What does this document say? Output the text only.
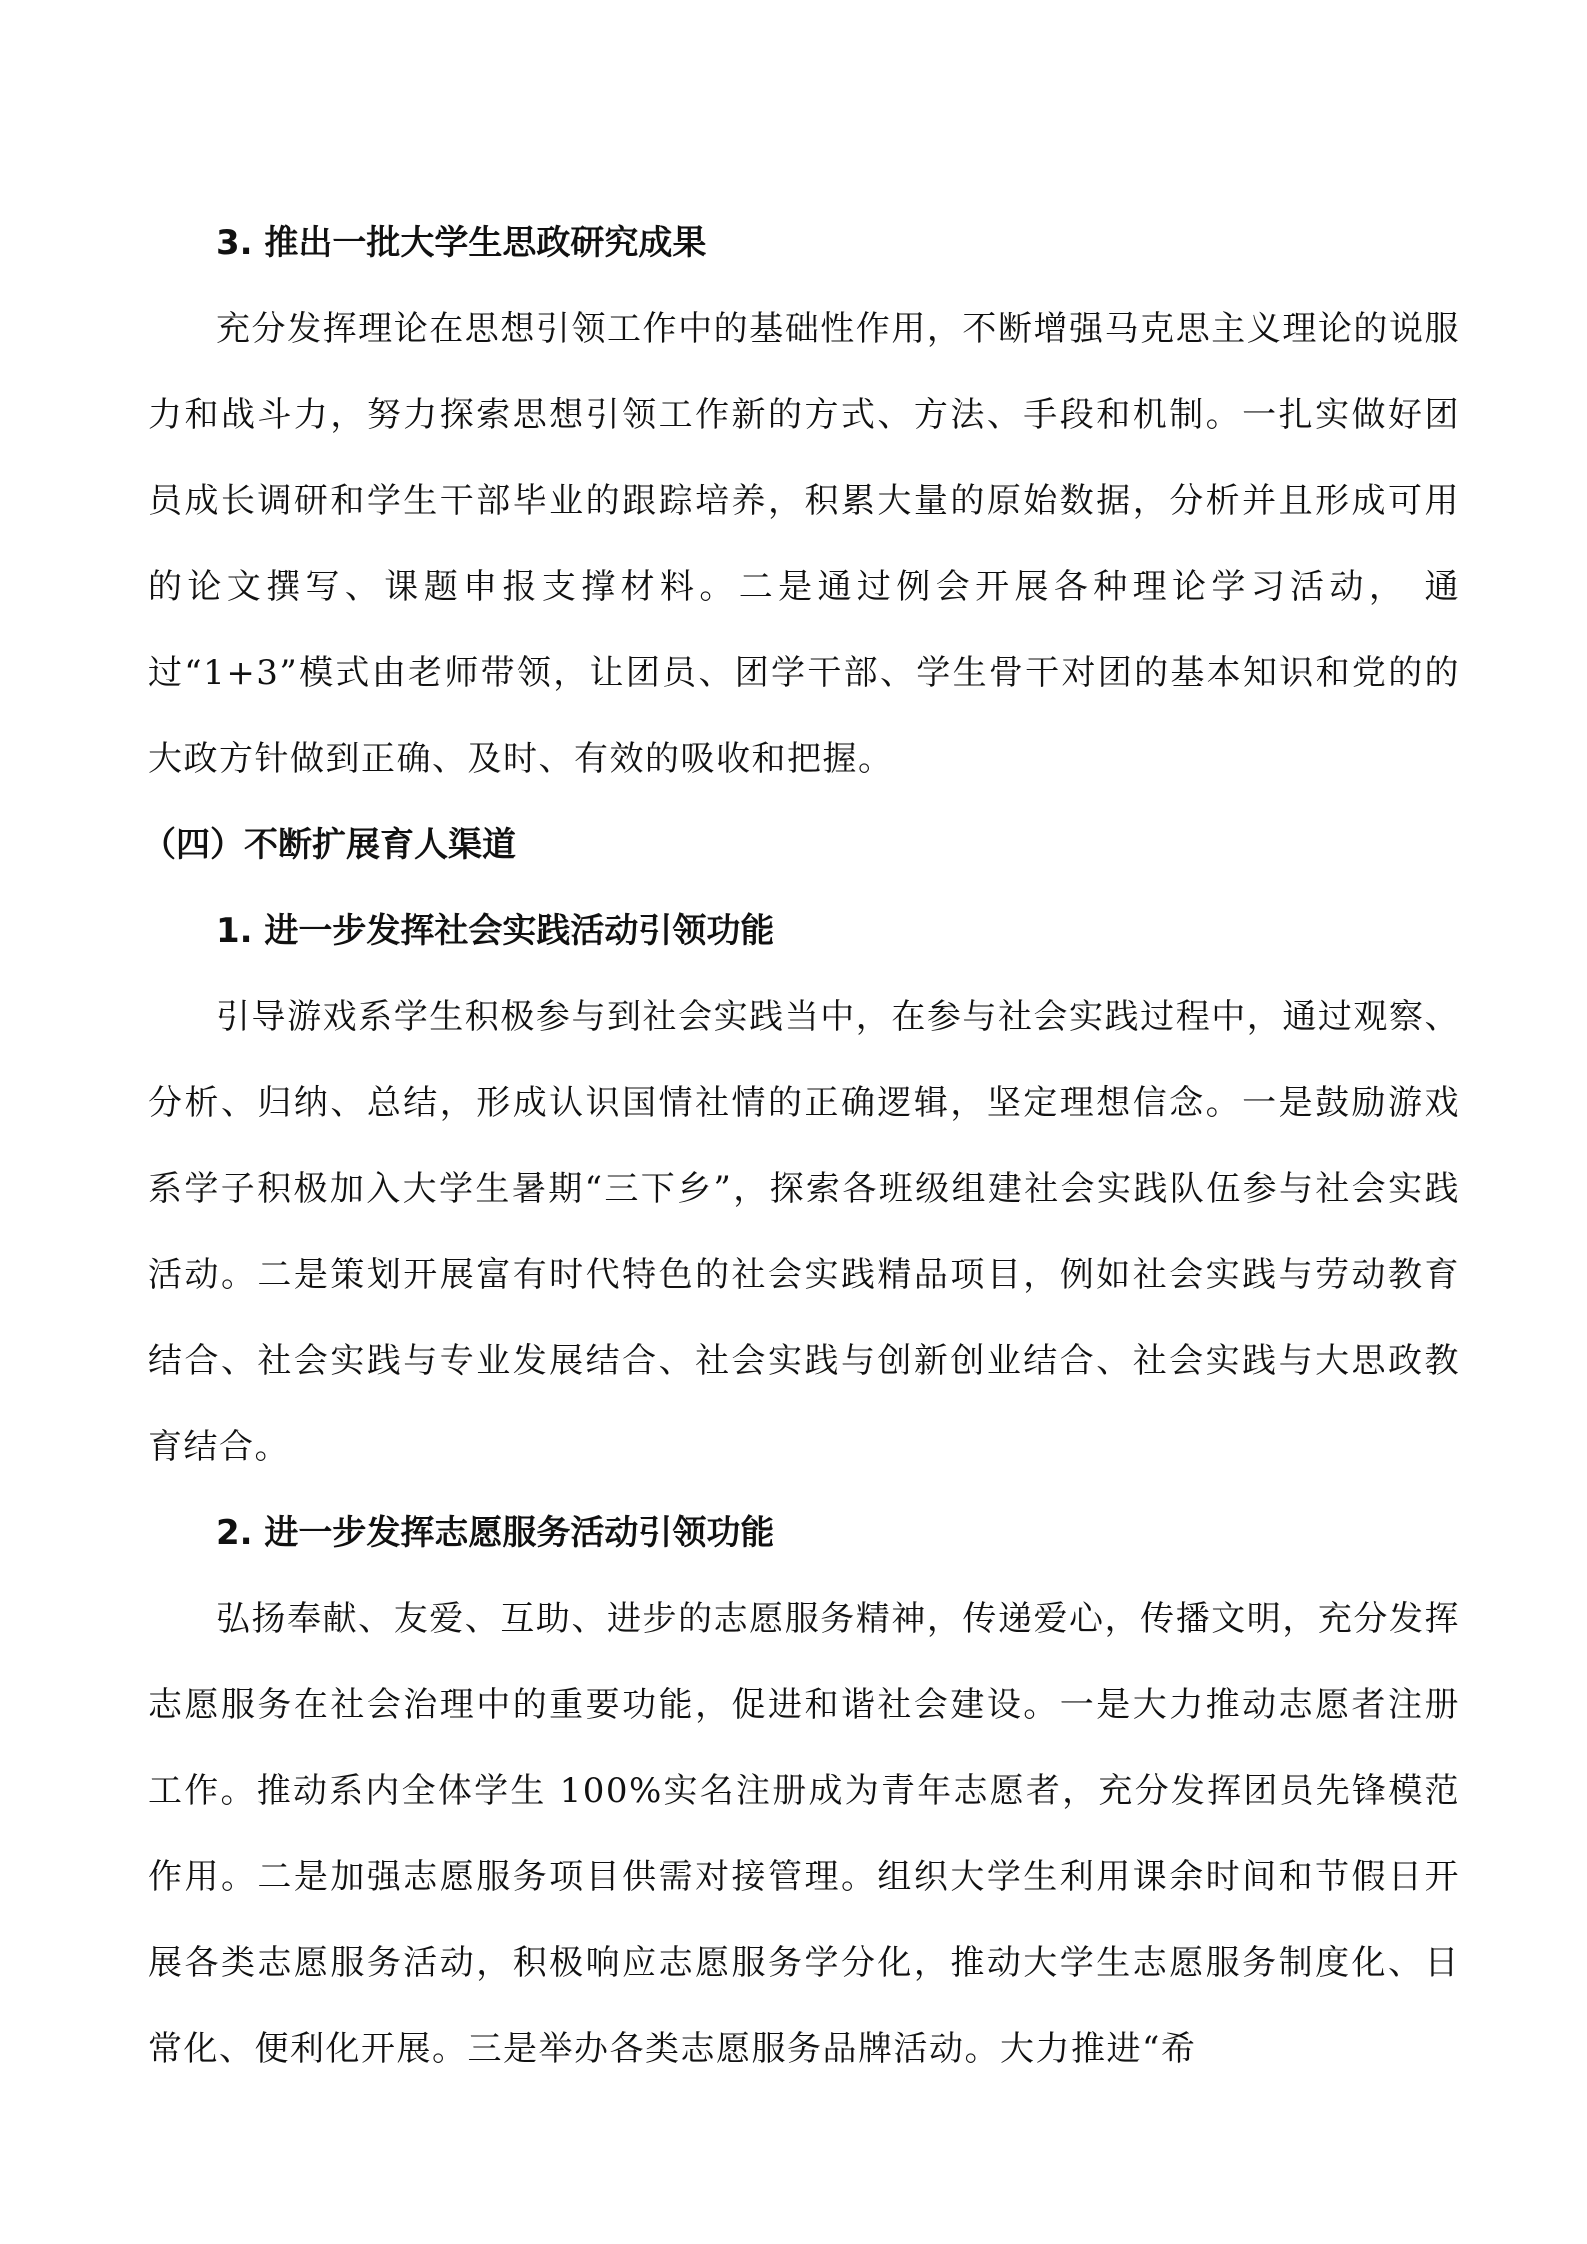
3. 推出一批大学生思政研究成果

充分发挥理论在思想引领工作中的基础性作用，不断增强马克思主义理论的说服力和战斗力，努力探索思想引领工作新的方式、方法、手段和机制。一扎实做好团员成长调研和学生干部毕业的跟踪培养，积累大量的原始数据，分析并且形成可用的论文撰写、课题申报支撑材料。二是通过例会开展各种理论学习活动， 通过“1+3”模式由老师带领，让团员、团学干部、学生骨干对团的基本知识和党的的大政方针做到正确、及时、有效的吸收和把握。

（四）不断扩展育人渠道

1. 进一步发挥社会实践活动引领功能

引导游戏系学生积极参与到社会实践当中，在参与社会实践过程中，通过观察、分析、归纳、总结，形成认识国情社情的正确逻辑，坚定理想信念。一是鼓励游戏系学子积极加入大学生暑期“三下乡”，探索各班级组建社会实践队伍参与社会实践活动。二是策划开展富有时代特色的社会实践精品项目，例如社会实践与劳动教育结合、社会实践与专业发展结合、社会实践与创新创业结合、社会实践与大思政教育结合。

2. 进一步发挥志愿服务活动引领功能

弘扬奉献、友爱、互助、进步的志愿服务精神，传递爱心，传播文明，充分发挥志愿服务在社会治理中的重要功能，促进和谐社会建设。一是大力推动志愿者注册工作。推动系内全体学生 100%实名注册成为青年志愿者，充分发挥团员先锋模范作用。二是加强志愿服务项目供需对接管理。组织大学生利用课余时间和节假日开展各类志愿服务活动，积极响应志愿服务学分化，推动大学生志愿服务制度化、日常化、便利化开展。三是举办各类志愿服务品牌活动。大力推进“希
